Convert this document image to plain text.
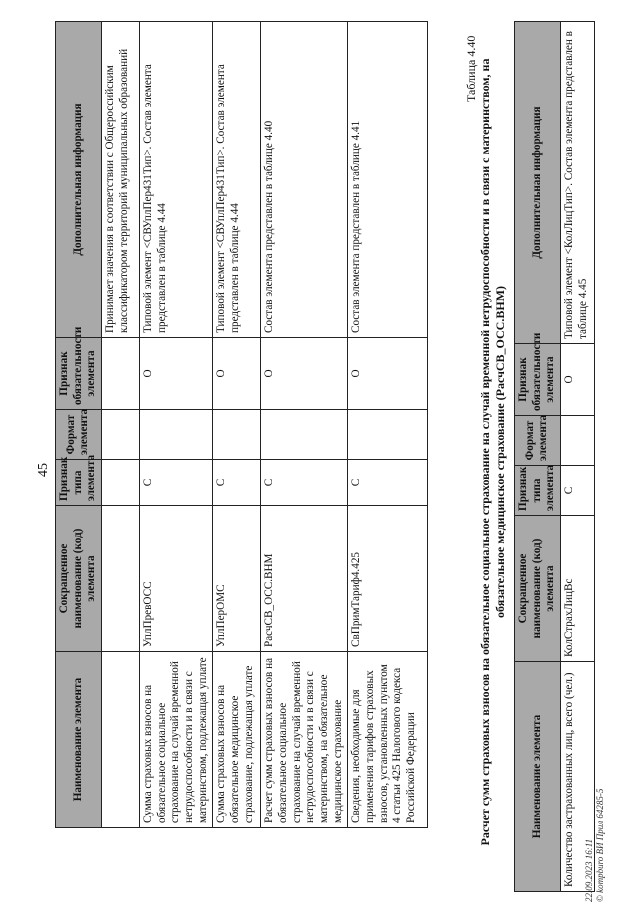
45
Наименование элемента	Сокращенное наименование (код) элемента	Признак типа элемента	Формат элемента	Признак обязательности элемента	Дополнительная информация
					Принимает значения в соответствии с Общероссийским классификатором территорий муниципальных образований
Сумма страховых взносов на обязательное социальное страхование на случай временной нетрудоспособности и в связи с материнством, подлежащая уплате	УплПревОСС	С		О	Типовой элемент <СВУплПер431Тип>. Состав элемента представлен в таблице 4.44
Сумма страховых взносов на обязательное медицинское страхование, подлежащая уплате	УплПерОМС	С		О	Типовой элемент <СВУплПер431Тип>. Состав элемента представлен в таблице 4.44
Расчет сумм страховых взносов на обязательное социальное страхование на случай временной нетрудоспособности и в связи с материнством, на обязательное медицинское страхование	РасчСВ_ОСС.ВНМ	С		О	Состав элемента представлен в таблице 4.40
Сведения, необходимые для применения тарифов страховых взносов, установленных пунктом 4 статьи 425 Налогового кодекса Российской Федерации	СвПримТариф4.425	С		О	Состав элемента представлен в таблице 4.41
Таблица 4.40 Расчет сумм страховых взносов на обязательное социальное страхование на случай временной нетрудоспособности и в связи с материнством, на обязательное медицинское страхование (РасчСВ_ОСС.ВНМ)
Наименование элемента	Сокращенное наименование (код) элемента	Признак типа элемента	Формат элемента	Признак обязательности элемента	Дополнительная информация
Количество застрахованных лиц, всего (чел.)	КолСтрахЛицВс	С		О	Типовой элемент <КолЛицТип>. Состав элемента представлен в таблице 4.45
22.09.2023 16:11 © kompburo ВИ Прил 64285-5
